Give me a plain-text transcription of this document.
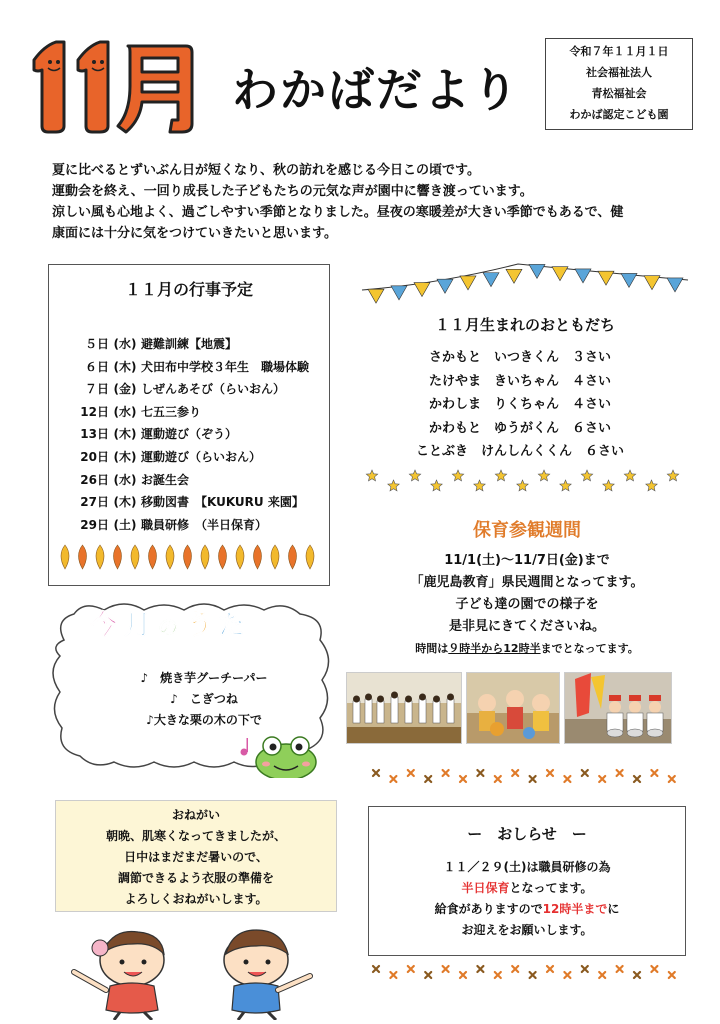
わかばだより
令和７年１１月１日
社会福祉法人
青松福祉会
わかば認定こども園
夏に比べるとずいぶん日が短くなり、秋の訪れを感じる今日この頃です。
運動会を終え、一回り成長した子どもたちの元気な声が園中に響き渡っています。
涼しい風も心地よく、過ごしやすい季節となりました。昼夜の寒暖差が大きい季節でもあるで、健
康面には十分に気をつけていきたいと思います。
１１月の行事予定
５日 (水) 避難訓練【地震】
６日 (木) 犬田布中学校３年生　職場体験
７日 (金) しぜんあそび（らいおん）
12日 (水) 七五三参り
13日 (木) 運動遊び（ぞう）
20日 (木) 運動遊び（らいおん）
26日 (水) お誕生会
27日 (木) 移動図書　【KUKURU 来園】
29日 (土) 職員研修　（半日保育）
今 月 の う た
♪　焼き芋グーチーパー
♪　こぎつね
♪大きな栗の木の下で
おねがい
朝晩、肌寒くなってきましたが、
日中はまだまだ暑いので、
調節できるよう衣服の準備を
よろしくおねがいします。
１１月生まれのおともだち
さかもと　いつきくん　３さい
たけやま　きいちゃん　４さい
かわしま　りくちゃん　４さい
かわもと　ゆうがくん　６さい
ことぶき　けんしんくくん　６さい
保育参観週間
11/1(土)～11/7日(金)まで
「鹿児島教育」県民週間となってます。
子ども達の園での様子を
是非見にきてくださいね。
時間は９時半から12時半までとなってます。
ー　おしらせ　ー
１１／２９(土)は職員研修の為
半日保育となってます。
給食がありますので12時半までに
お迎えをお願いします。
